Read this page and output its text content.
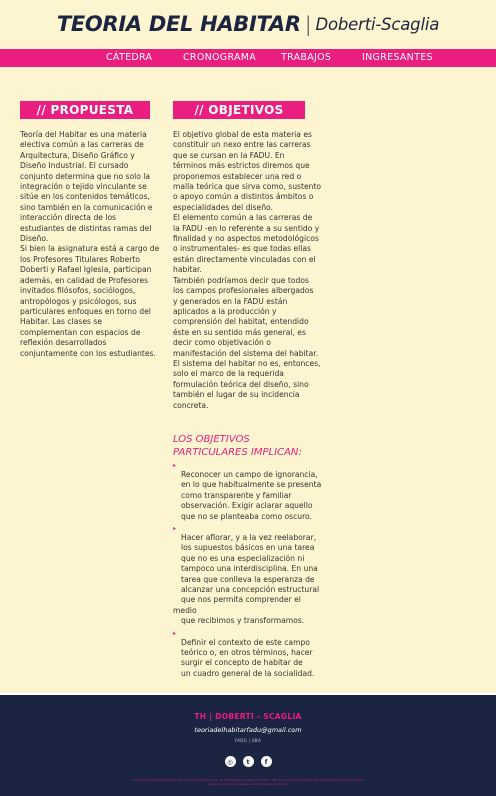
TEORIA DEL HABITAR | Doberti-Scaglia
CÁTEDRA	CRONOGRAMA	TRABAJOS	INGRESANTES
// PROPUESTA
Teoría del Habitar es una materia
electiva común a las carreras de
Arquitectura, Diseño Gráfico y
Diseño Industrial. El cursado
conjunto determina que no solo la
integración o tejido vinculante se
sitúe en los contenidos temáticos,
sino también en la comunicación e
interacción directa de los
estudiantes de distintas ramas del
Diseño.
Si bien la asignatura está a cargo de
los Profesores Titulares Roberto
Doberti y Rafael Iglesia, participan
además, en calidad de Profesores
invitados filósofos, sociólogos,
antropólogos y psicólogos, sus
particulares enfoques en torno del
Habitar. Las clases se
complementan con espacios de
reflexión desarrollados
conjuntamente con los estudiantes.
// OBJETIVOS
El objetivo global de esta materia es
constituir un nexo entre las carreras
que se cursan en la FADU. En
términos más estrictos diremos que
proponemos establecer una red o
malla teórica que sirva como, sustento
o apoyo común a distintos ámbitos o
especialidades del diseño.
El elemento común a las carreras de
la FADU -en lo referente a su sentido y
finalidad y no aspectos metodológicos
o instrumentales- es que todas ellas
están directamente vinculadas con el
habitar.
También podríamos decir que todos
los campos profesionales albergados
y generados en la FADU están
aplicados a la producción y
comprensión del habitat, entendido
éste en su sentido más general, es
decir como objetivación o
manifestación del sistema del habitar.
El sistema del habitar no es, entonces,
solo el marco de la requerida
formulación teórica del diseño, sino
también el lugar de su incidencia
concreta.
LOS OBJETIVOS
PARTICULARES IMPLICAN:
▸
Reconocer un campo de ignorancia,
en lo que habitualmente se presenta
como transparente y familiar
observación. Exigir aclarar aquello
que no se planteaba como oscuro.
▸
Hacer aflorar, y a la vez reelaborar,
los supuestos básicos en una tarea
que no es una especialización ni
tampoco una interdisciplina. En una
tarea que conlleva la esperanza de
alcanzar una concepción estructural
que nos permita comprender el medio
que recibimos y transformamos.
▸
Definir el contexto de este campo
teórico o, en otros términos, hacer
surgir el concepto de habitar de
un cuadro general de la socialidad.
TH | DOBERTI - SCAGLIA
teoriadelhabitarfadu@gmail.com
FADU | UBA
◎	t	f
Los contenidos publicados en este sitio son de la cátedra de Teoría del Habitar Doberti-Scaglia de la FADU - UBA. Todos los derechos reservados. Se prohíbe su reproducción total o parcial sin autorización expresa de los titulares de la cátedra.
